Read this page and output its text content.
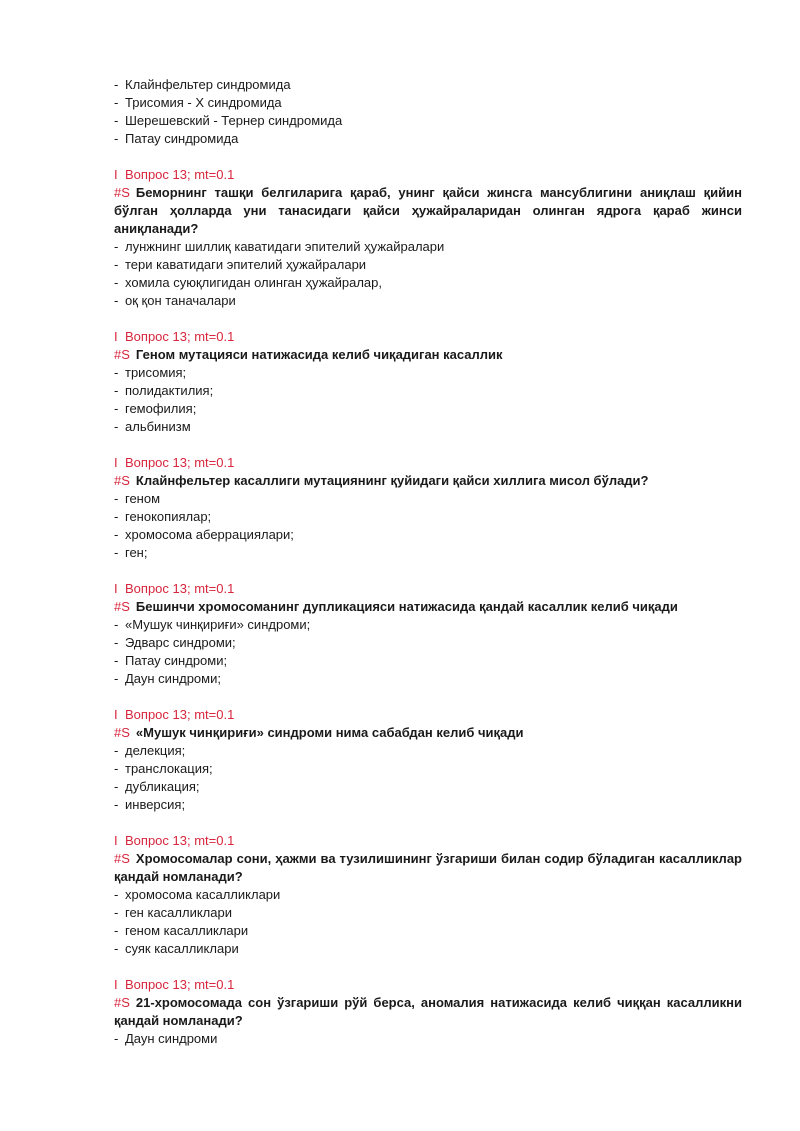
- Клайнфельтер синдромида
- Трисомия - Х синдромида
- Шерешевский - Тернер синдромида
- Патау синдромида
I Вопрос 13; mt=0.1
#S Беморнинг ташқи белгиларига қараб, унинг қайси жинсга мансублигини аниқлаш қийин бўлган ҳолларда уни танасидаги қайси ҳужайраларидан олинган ядрога қараб жинси аниқланади?
- лунжнинг шиллиқ каватидаги эпителий ҳужайралари
- тери каватидаги эпителий ҳужайралари
- хомила суюқлигидан олинган ҳужайралар,
- оқ қон таначалари
I Вопрос 13; mt=0.1
#S Геном мутацияси натижасида келиб чиқадиган касаллик
- трисомия;
- полидактилия;
- гемофилия;
- альбинизм
I Вопрос 13; mt=0.1
#S Клайнфельтер касаллиги мутациянинг қуйидаги қайси хиллига мисол бўлади?
- геном
- генокопиялар;
- хромосома аберрациялари;
- ген;
I Вопрос 13; mt=0.1
#S Бешинчи хромосоманинг дупликацияси натижасида қандай касаллик келиб чиқади
- «Мушук чинқириғи» синдроми;
- Эдварс синдроми;
- Патау синдроми;
- Даун синдроми;
I Вопрос 13; mt=0.1
#S «Мушук чинқириғи» синдроми нима сабабдан келиб чиқади
- делекция;
- транслокация;
- дубликация;
- инверсия;
I Вопрос 13; mt=0.1
#S Хромосомалар сони, ҳажми ва тузилишининг ўзгариши билан содир бўладиган касалликлар қандай номланади?
- хромосома касалликлари
- ген касалликлари
- геном касалликлари
- суяк касалликлари
I Вопрос 13; mt=0.1
#S 21-хромосомада сон ўзгариши рўй берса, аномалия натижасида келиб чиққан касалликни қандай номланади?
- Даун синдроми
